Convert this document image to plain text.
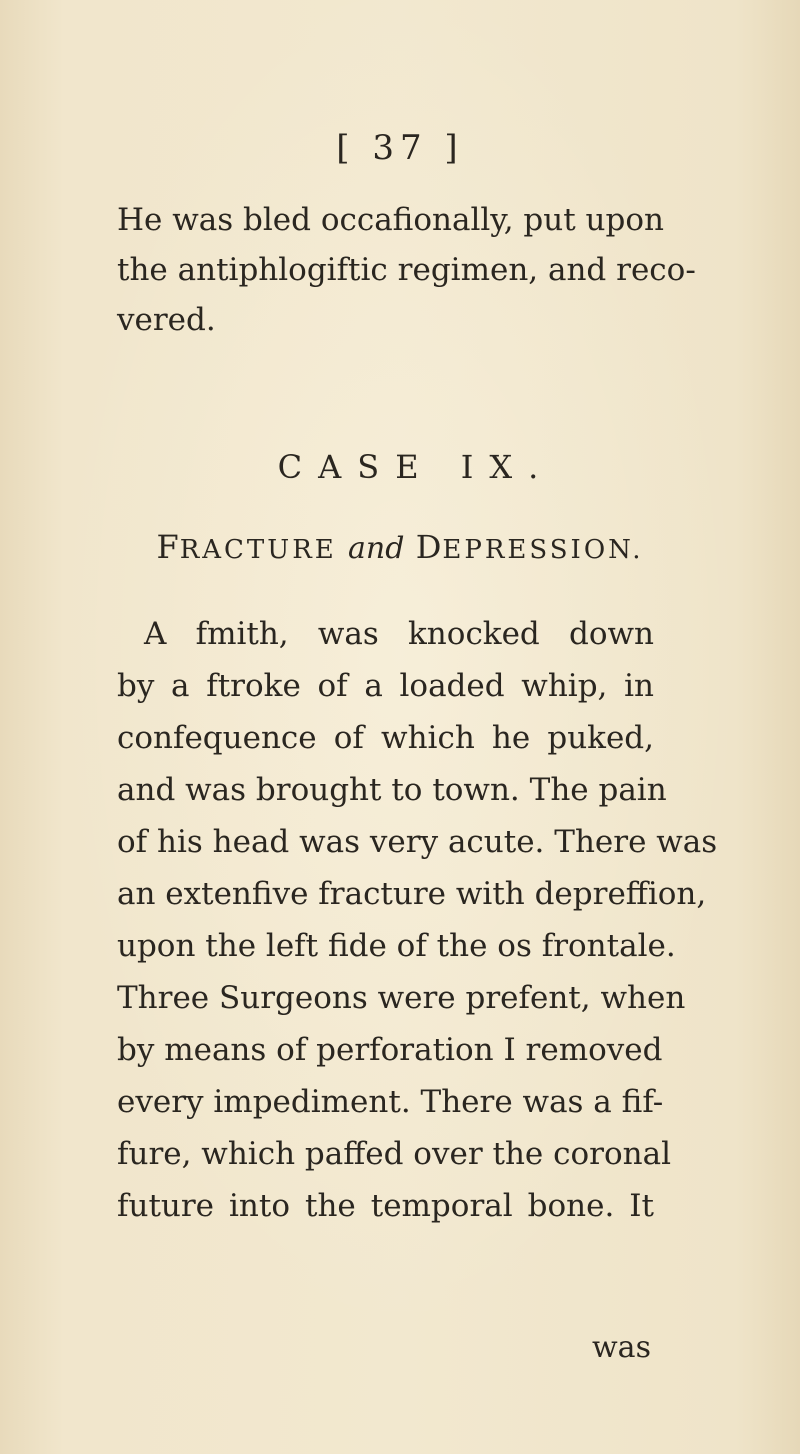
[ 37 ]
He was bled occafionally, put upon
the antiphlogiftic regimen, and reco-
vered.
CASE IX.
FRACTURE and DEPRESSION.
A fmith, was knocked down
by a ftroke of a loaded whip, in
confequence of which he puked,
and was brought to town. The pain
of his head was very acute. There was
an extenfive fracture with depreffion,
upon the left fide of the os frontale.
Three Surgeons were prefent, when
by means of perforation I removed
every impediment. There was a fif-
fure, which paffed over the coronal
future into the temporal bone. It
was
